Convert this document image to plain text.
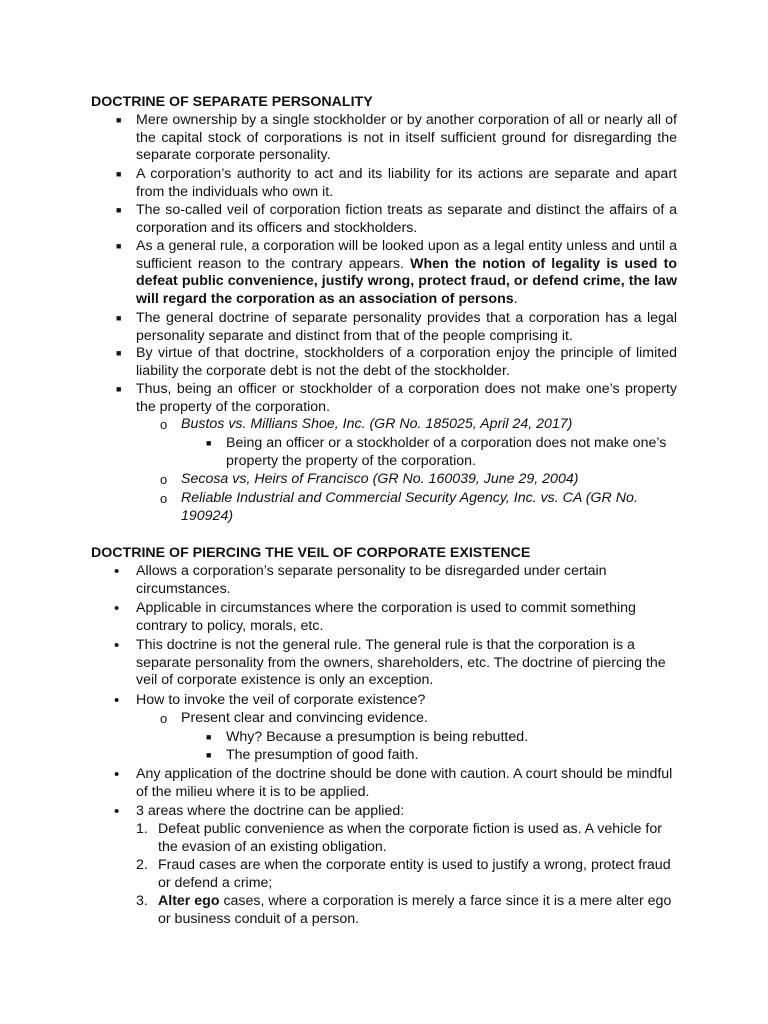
DOCTRINE OF SEPARATE PERSONALITY
■ Mere ownership by a single stockholder or by another corporation of all or nearly all of the capital stock of corporations is not in itself sufficient ground for disregarding the separate corporate personality.
■ A corporation’s authority to act and its liability for its actions are separate and apart from the individuals who own it.
■ The so-called veil of corporation fiction treats as separate and distinct the affairs of a corporation and its officers and stockholders.
■ As a general rule, a corporation will be looked upon as a legal entity unless and until a sufficient reason to the contrary appears. When the notion of legality is used to defeat public convenience, justify wrong, protect fraud, or defend crime, the law will regard the corporation as an association of persons.
■ The general doctrine of separate personality provides that a corporation has a legal personality separate and distinct from that of the people comprising it.
■ By virtue of that doctrine, stockholders of a corporation enjoy the principle of limited liability the corporate debt is not the debt of the stockholder.
■ Thus, being an officer or stockholder of a corporation does not make one’s property the property of the corporation.
o Bustos vs. Millians Shoe, Inc. (GR No. 185025, April 24, 2017)
■ Being an officer or a stockholder of a corporation does not make one’s property the property of the corporation.
o Secosa vs, Heirs of Francisco (GR No. 160039, June 29, 2004)
o Reliable Industrial and Commercial Security Agency, Inc. vs. CA (GR No. 190924)
DOCTRINE OF PIERCING THE VEIL OF CORPORATE EXISTENCE
• Allows a corporation’s separate personality to be disregarded under certain circumstances.
• Applicable in circumstances where the corporation is used to commit something contrary to policy, morals, etc.
• This doctrine is not the general rule. The general rule is that the corporation is a separate personality from the owners, shareholders, etc. The doctrine of piercing the veil of corporate existence is only an exception.
• How to invoke the veil of corporate existence?
o Present clear and convincing evidence.
■ Why? Because a presumption is being rebutted.
■ The presumption of good faith.
• Any application of the doctrine should be done with caution. A court should be mindful of the milieu where it is to be applied.
• 3 areas where the doctrine can be applied:
1. Defeat public convenience as when the corporate fiction is used as. A vehicle for the evasion of an existing obligation.
2. Fraud cases are when the corporate entity is used to justify a wrong, protect fraud or defend a crime;
3. Alter ego cases, where a corporation is merely a farce since it is a mere alter ego or business conduit of a person.
